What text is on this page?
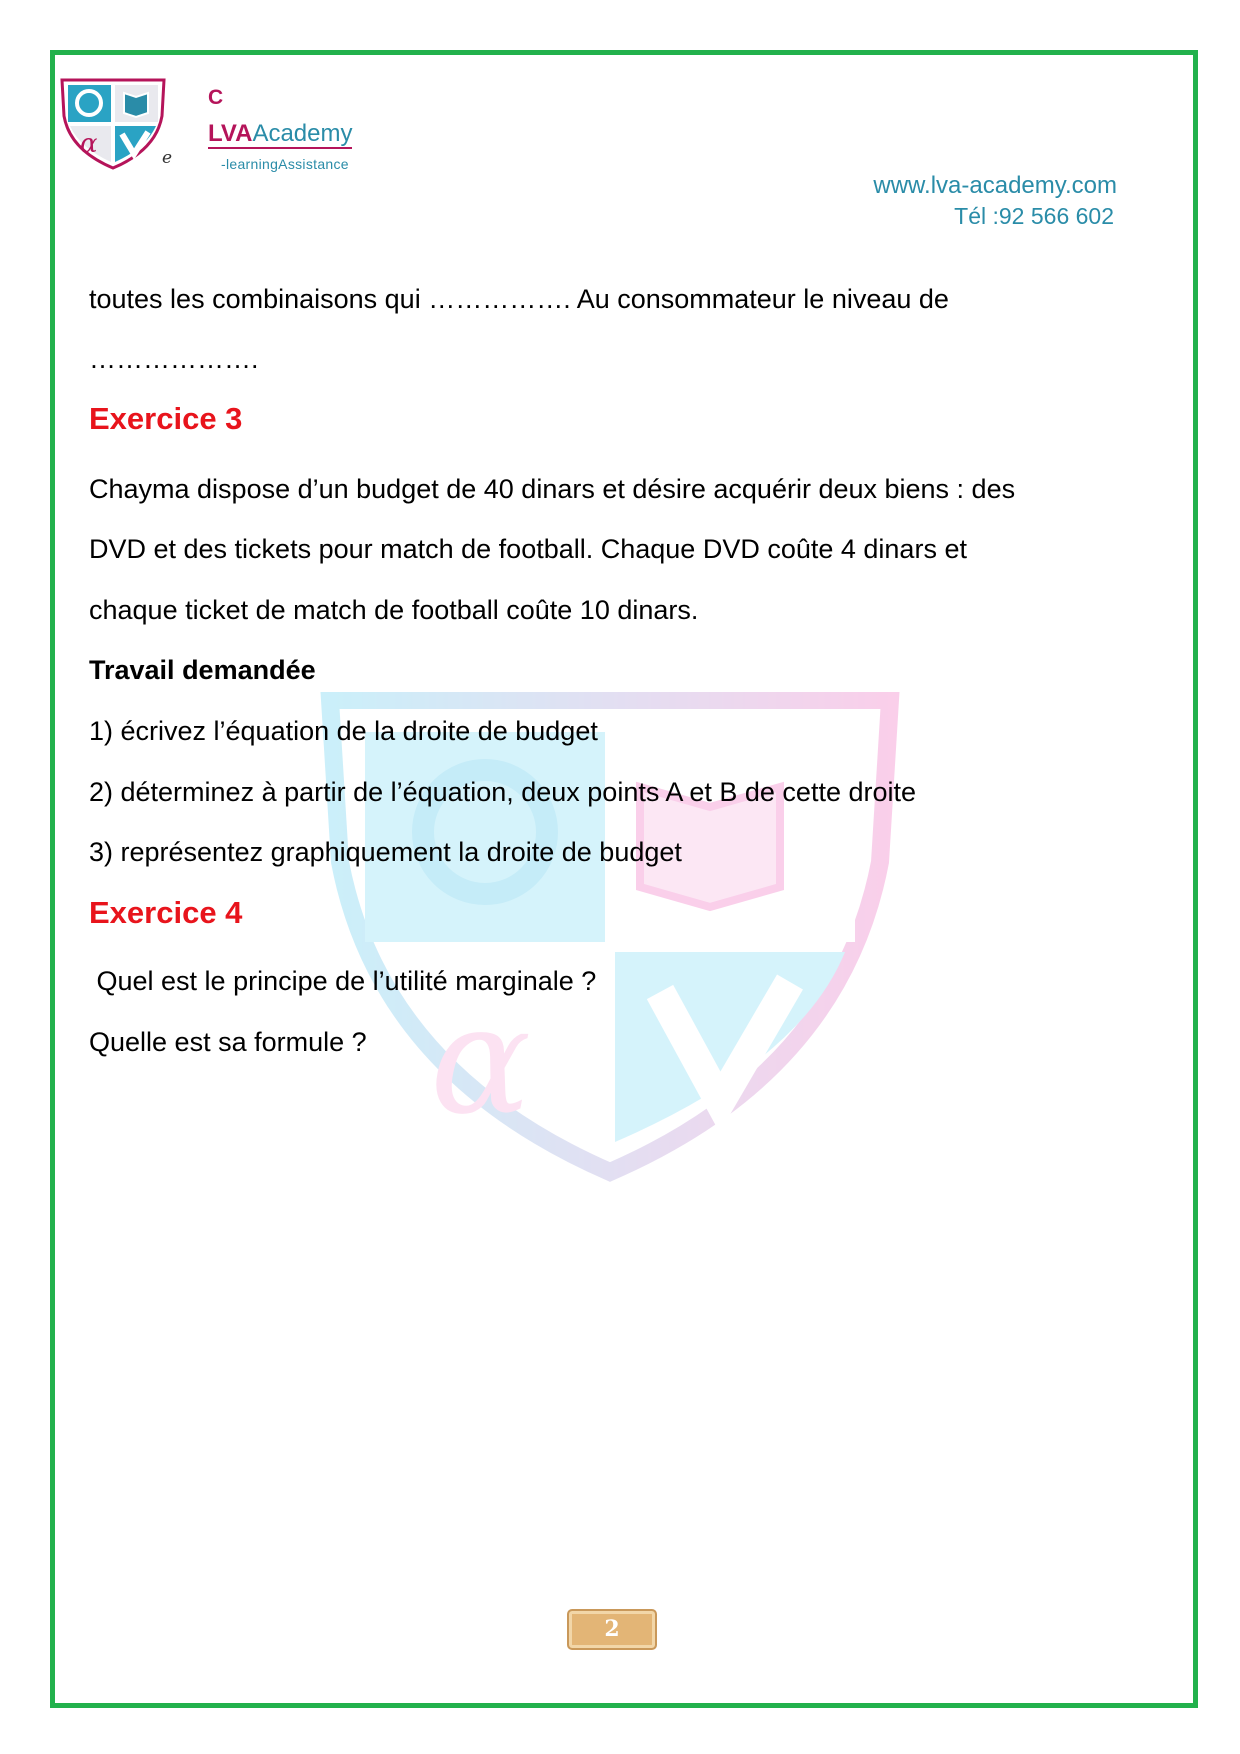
α	e
C
LVAAcademy
-learningAssistance
www.lva-academy.com
Tél :92 566 602
α
toutes les combinaisons qui ……………. Au consommateur le niveau de
……………….
Exercice 3
Chayma dispose d’un budget de 40 dinars et désire acquérir deux biens : des
DVD et des tickets pour match de football. Chaque DVD coûte 4 dinars et
chaque ticket de match de football coûte 10 dinars.
Travail demandée
1) écrivez l’équation de la droite de budget
2) déterminez à partir de l’équation, deux points A et B de cette droite
3) représentez graphiquement la droite de budget
Exercice 4
Quel est le principe de l’utilité marginale ?
Quelle est sa formule ?
2
